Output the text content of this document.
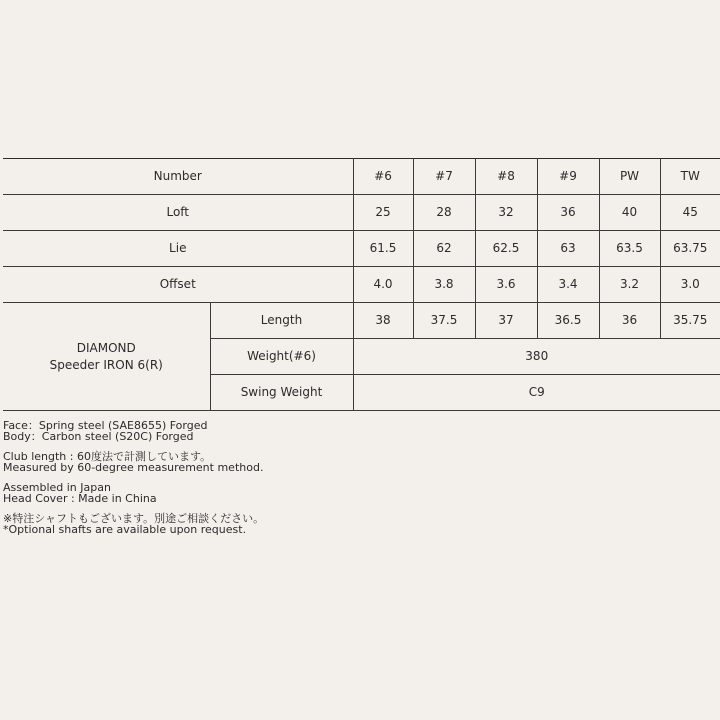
Number		#6	#7	#8	#9	PW	TW
Loft		25	28	32	36	40	45
Lie		61.5	62	62.5	63	63.5	63.75
Offset		4.0	3.8	3.6	3.4	3.2	3.0
DIAMOND
Speeder IRON 6(R)	Length	38	37.5	37	36.5	36	35.75
	Weight(#6)	380					
	Swing Weight	C9					
Face：Spring steel (SAE8655) Forged
Body：Carbon steel (S20C) Forged
Club length : 60度法で計測しています。
Measured by 60-degree measurement method.
Assembled in Japan
Head Cover : Made in China
※特注シャフトもございます。別途ご相談ください。
*Optional shafts are available upon request.
